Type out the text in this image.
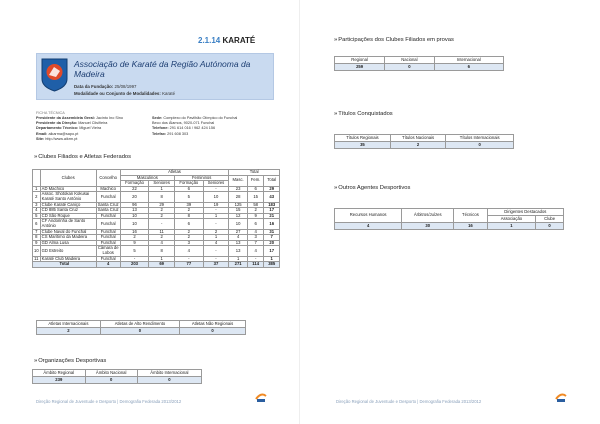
2.1.14 KARATÉ
Associação de Karaté da Região Autónoma da Madeira
Data da Fundação: 25/08/1997
Modalidade ou Conjunto de Modalidades: Karaté
FICHA TÉCNICA
Presidente da Assembleia Geral: Jacinto Ino Sino
Presidente da Direção: Manuel Clisiñeira
Departamento Técnico: Miguel Vieira
Email: aikarma@sapo.pt
Site: http://www.aikrm.pt
Sede: Complexo do Pavilhão Olímpico do Funchal
Beco dos Álamos, 9020-071 Funchal
Telefone: 291 614 016 / 962 424 156
Telefax: 291 608 303
»Clubes Filiados e Atletas Federados
	Clubes	Concelho	Atletas				Total		
			Masculinos		Femininos		Masc.	Fem.	Total
			Formação	Seniores	Formação	Seniores			
1	AD Machico	Machico	22	1	6	-	23	6	29
2	Assoc. Shotokan Kokusai Karaté Santo António	Funchal	20	8	5	10	28	15	43
3	Clube Karaté Caniço	Santa Cruz	96	29	39	19	125	58	183
4	CD 885 Santa Cruz	Santa Cruz	13	2	2	-	15	2	17
5	CD São Roque	Funchal	10	2	8	1	12	9	21
6	CF Andorinha de Santo António	Funchal	10	-	6	-	10	6	16
7	Clube Naval do Funchal	Funchal	16	11	2	2	27	4	31
8	CS Marítimo da Madeira	Funchal	2	2	2	1	4	3	7
9	GD Alma Lusa	Funchal	9	4	3	4	13	7	20
10	GD Estreito	Câmara de Lobos	5	8	4	-	13	4	17
11	Karaté Club Madeira	Funchal	-	1	-	-	1	-	1
Total		4	203	69	77	37	271	114	385
»Organizações Desportivas
Atletas Internacionais	Atletas de Alto Rendimento	Atletas Não Regionais
2	0	0
Âmbito Regional	Âmbito Nacional	Âmbito Internacional
239	0	0
Direção Regional de Juventude e Desporto | Demografia Federada 2013/2012
»Participações dos Clubes Filiados em provas
Regional	Nacional	Internacional
259	0	6
»Títulos Conquistados
Títulos Regionais	Títulos Nacionais	Títulos Internacionais
35	2	0
»Outros Agentes Desportivos
Recursos Humanos	Árbitros/Juízes	Técnicos	Dirigentes Destacados	
			Associação	Clube
4	30	16	1	0
Direção Regional de Juventude e Desporto | Demografia Federada 2013/2012
